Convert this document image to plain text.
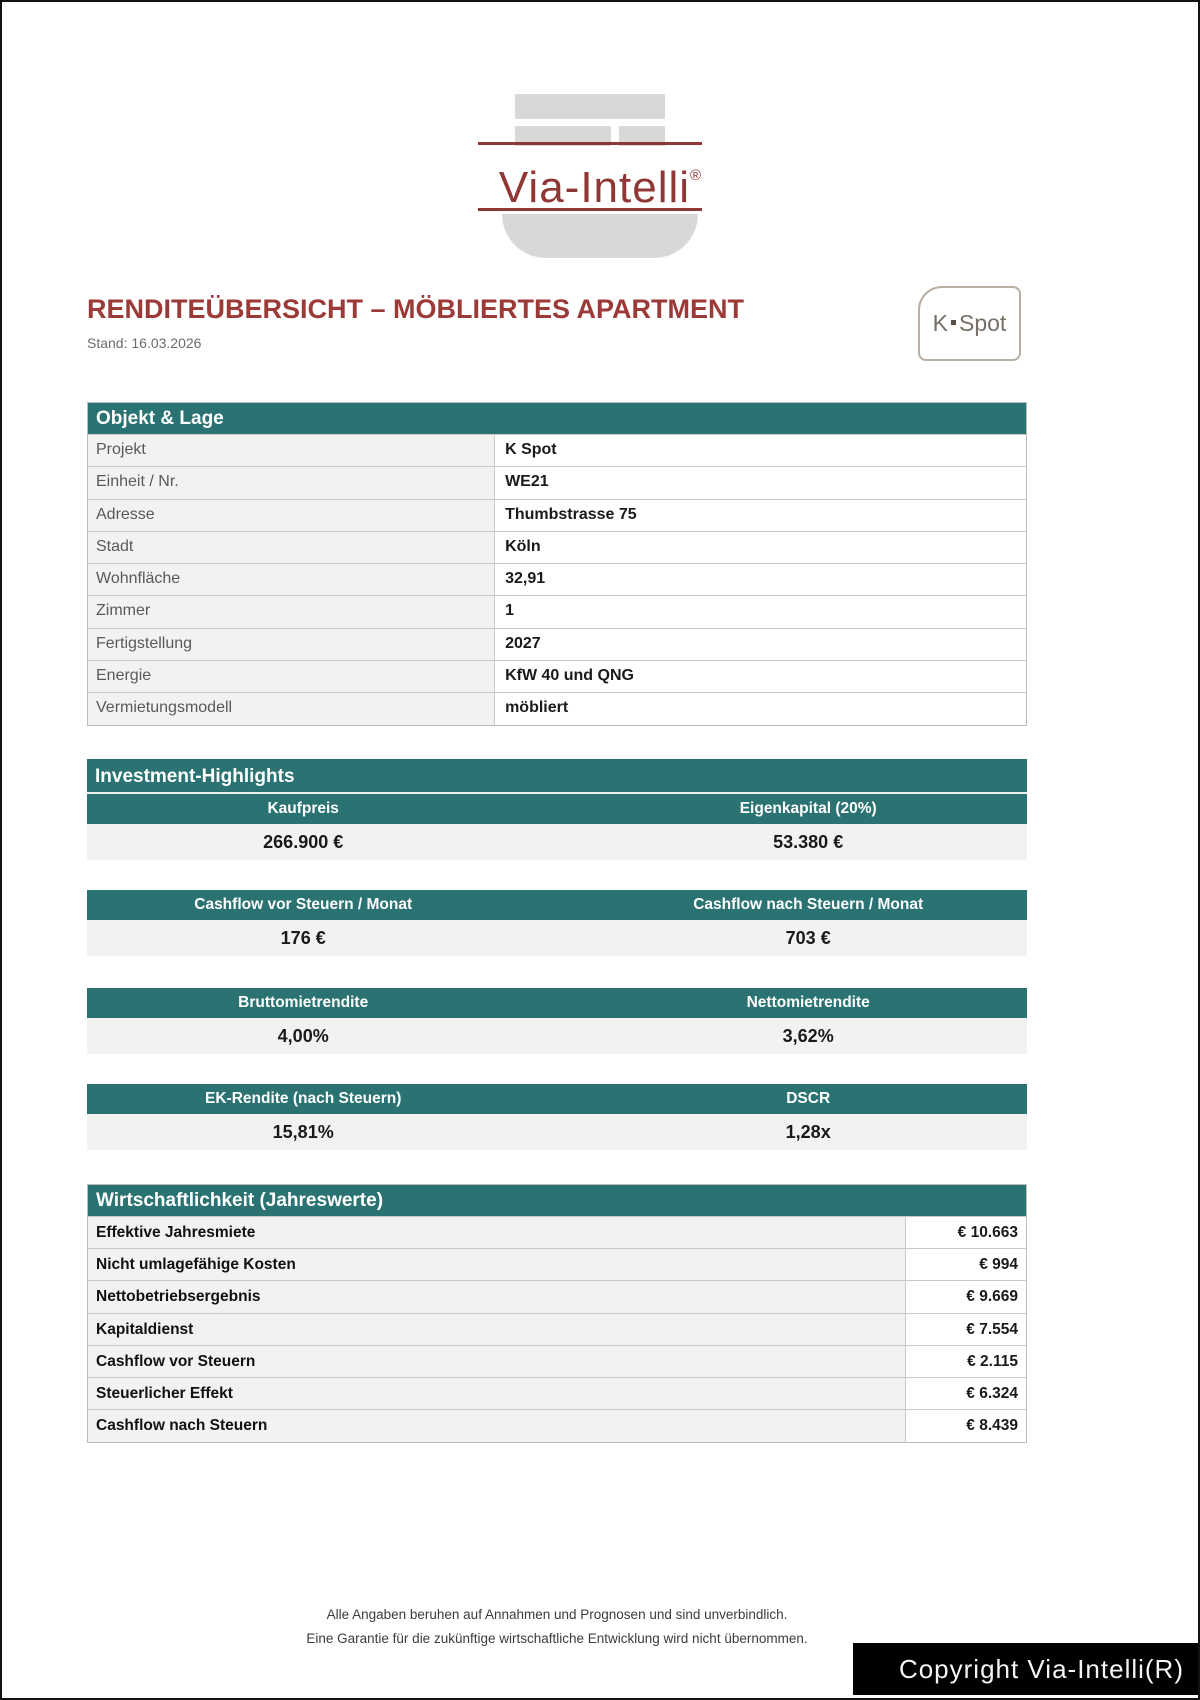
Via-Intelli®
RENDITEÜBERSICHT – MÖBLIERTES APARTMENT
Stand: 16.03.2026
K Spot
Objekt & Lage
Projekt	K Spot
Einheit / Nr.	WE21
Adresse	Thumbstrasse 75
Stadt	Köln
Wohnfläche	32,91
Zimmer	1
Fertigstellung	2027
Energie	KfW 40 und QNG
Vermietungsmodell	möbliert
Investment-Highlights
Kaufpreis	Eigenkapital (20%)
266.900 €	53.380 €
Cashflow vor Steuern / Monat	Cashflow nach Steuern / Monat
176 €	703 €
Bruttomietrendite	Nettomietrendite
4,00%	3,62%
EK-Rendite (nach Steuern)	DSCR
15,81%	1,28x
Wirtschaftlichkeit (Jahreswerte)
Effektive Jahresmiete	€ 10.663
Nicht umlagefähige Kosten	€ 994
Nettobetriebsergebnis	€ 9.669
Kapitaldienst	€ 7.554
Cashflow vor Steuern	€ 2.115
Steuerlicher Effekt	€ 6.324
Cashflow nach Steuern	€ 8.439
Alle Angaben beruhen auf Annahmen und Prognosen und sind unverbindlich.
Eine Garantie für die zukünftige wirtschaftliche Entwicklung wird nicht übernommen.
Copyright Via-Intelli(R)
